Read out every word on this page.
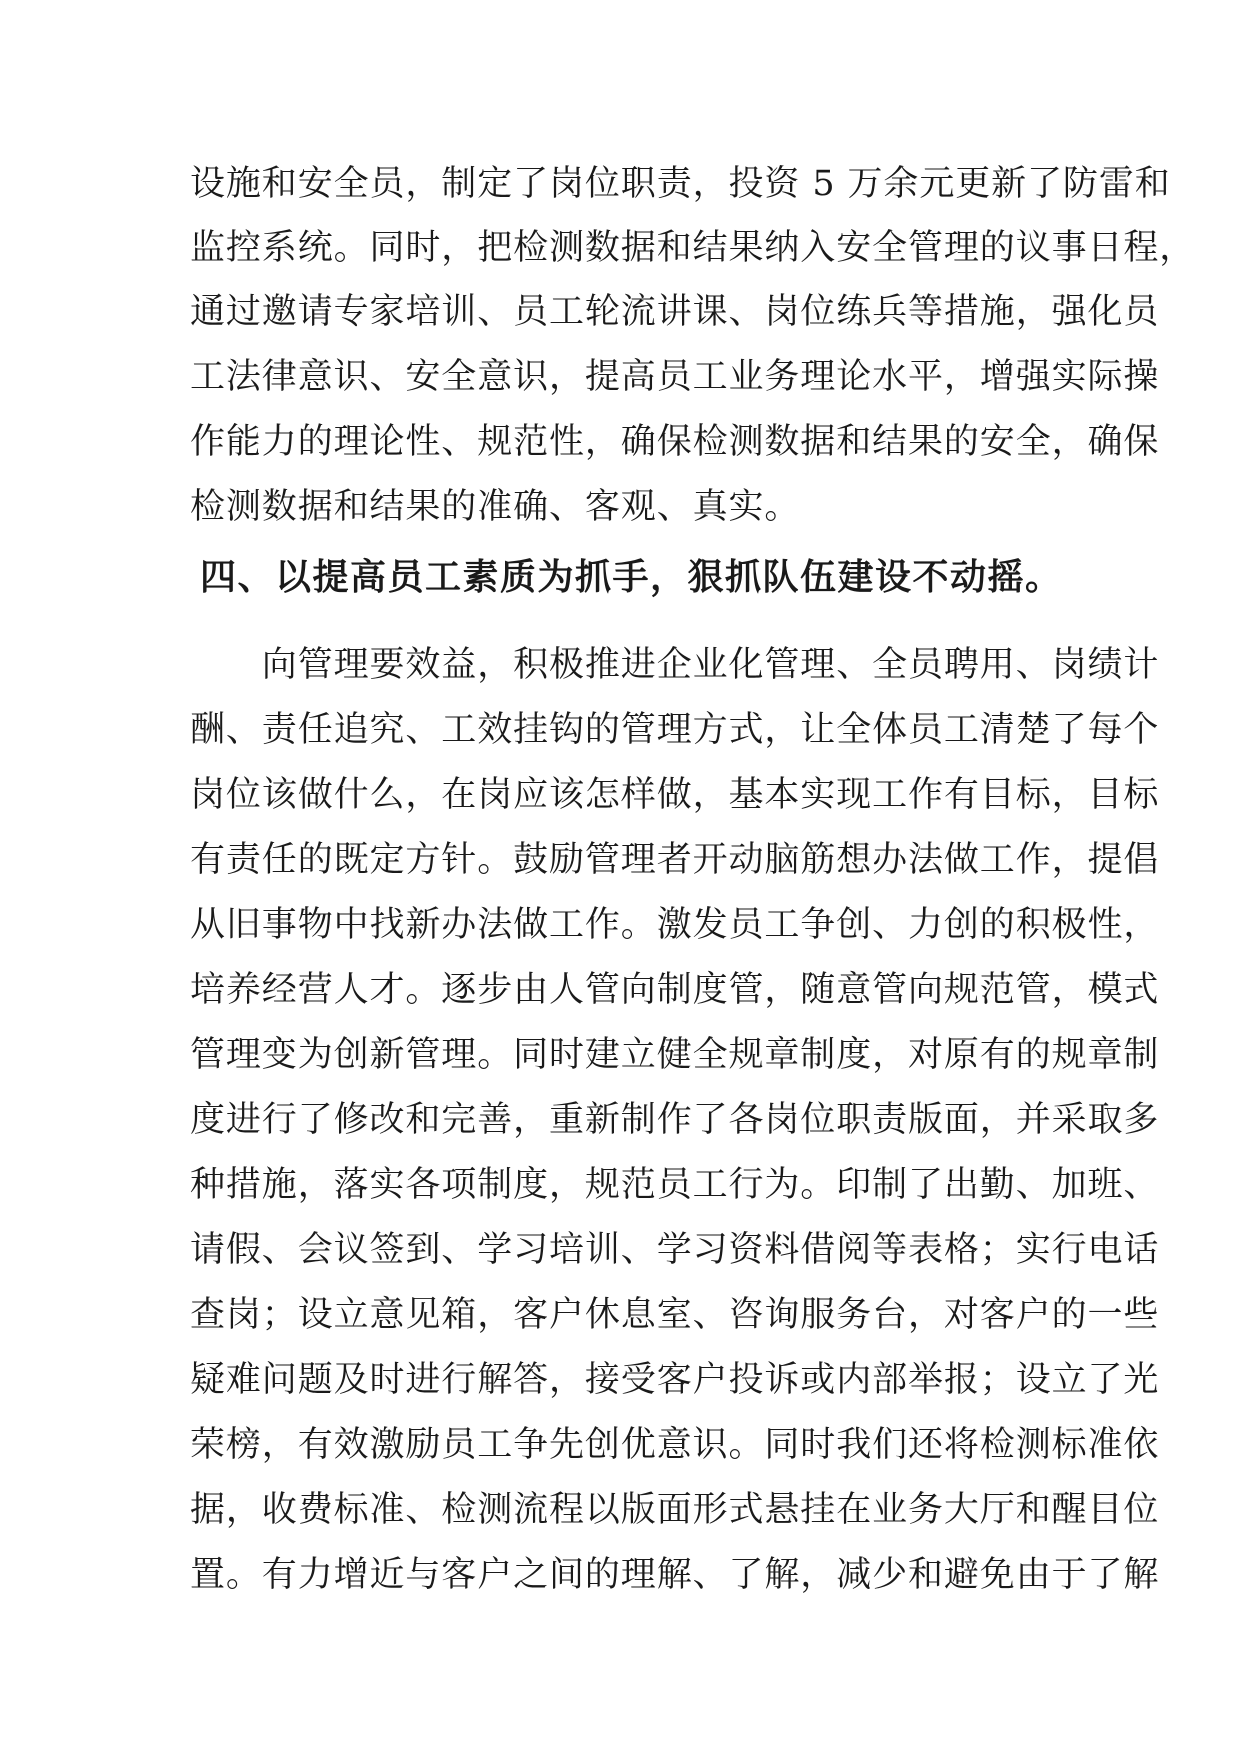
设施和安全员，制定了岗位职责，投资 5 万余元更新了防雷和
监控系统。同时，把检测数据和结果纳入安全管理的议事日程，
通过邀请专家培训、员工轮流讲课、岗位练兵等措施，强化员
工法律意识、安全意识，提高员工业务理论水平，增强实际操
作能力的理论性、规范性，确保检测数据和结果的安全，确保
检测数据和结果的准确、客观、真实。
四、以提高员工素质为抓手，狠抓队伍建设不动摇。
　　向管理要效益，积极推进企业化管理、全员聘用、岗绩计
酬、责任追究、工效挂钩的管理方式，让全体员工清楚了每个
岗位该做什么，在岗应该怎样做，基本实现工作有目标，目标
有责任的既定方针。鼓励管理者开动脑筋想办法做工作，提倡
从旧事物中找新办法做工作。激发员工争创、力创的积极性，
培养经营人才。逐步由人管向制度管，随意管向规范管，模式
管理变为创新管理。同时建立健全规章制度，对原有的规章制
度进行了修改和完善，重新制作了各岗位职责版面，并采取多
种措施，落实各项制度，规范员工行为。印制了出勤、加班、
请假、会议签到、学习培训、学习资料借阅等表格；实行电话
查岗；设立意见箱，客户休息室、咨询服务台，对客户的一些
疑难问题及时进行解答，接受客户投诉或内部举报；设立了光
荣榜，有效激励员工争先创优意识。同时我们还将检测标准依
据，收费标准、检测流程以版面形式悬挂在业务大厅和醒目位
置。有力增近与客户之间的理解、了解，减少和避免由于了解
